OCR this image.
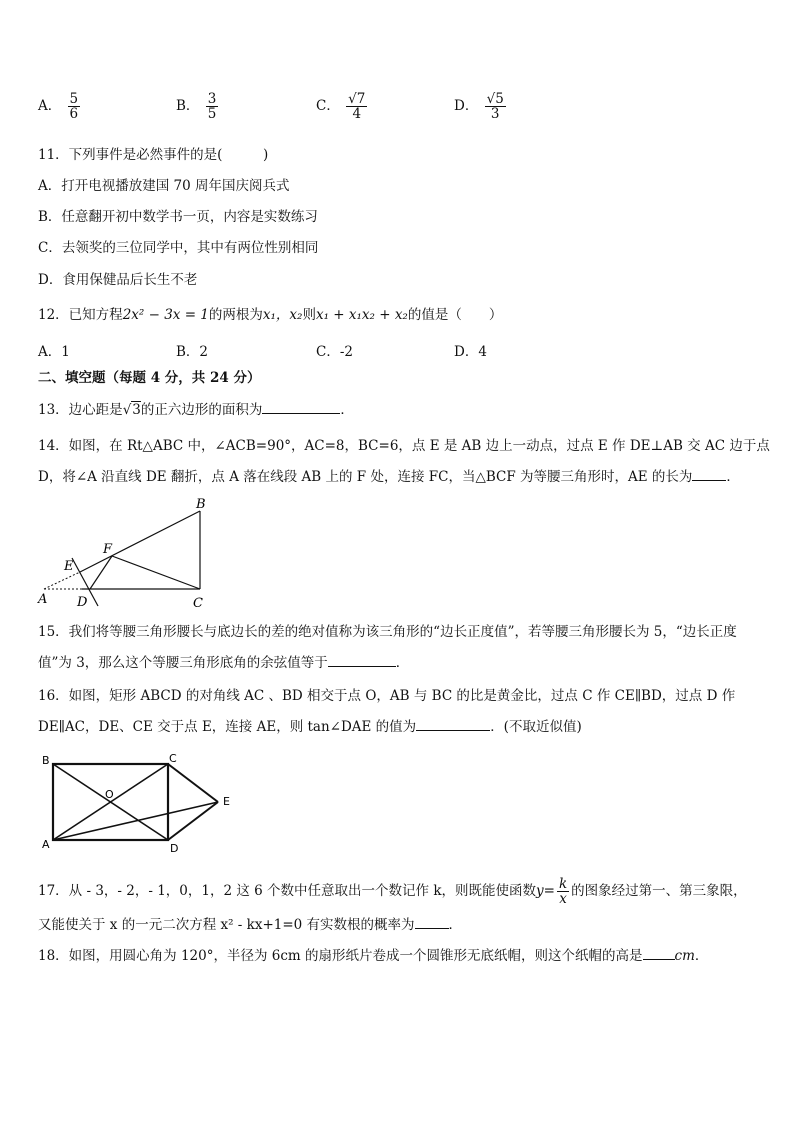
A． $\frac{5}{6}$	B． $\frac{3}{5}$	C． $\frac{√7}{4}$	D． $\frac{√5}{3}$
11．下列事件是必然事件的是(　　　)
A．打开电视播放建国 70 周年国庆阅兵式
B．任意翻开初中数学书一页，内容是实数练习
C．去领奖的三位同学中，其中有两位性别相同
D．食用保健品后长生不老
12．已知方程2x² − 3x = 1的两根为x₁，x₂则x₁ + x₁x₂ + x₂的值是（　　）
A．1	B．2	C．-2	D．4
二、填空题（每题 4 分，共 24 分）
13．边心距是√3的正六边形的面积为	．
14．如图，在 Rt△ABC 中，∠ACB=90°，AC=8，BC=6，点 E 是 AB 边上一动点，过点 E 作 DE⊥AB 交 AC 边于点
D，将∠A 沿直线 DE 翻折，点 A 落在线段 AB 上的 F 处，连接 FC，当△BCF 为等腰三角形时，AE 的长为	．
A
B
C
D
E
F
15．我们将等腰三角形腰长与底边长的差的绝对值称为该三角形的“边长正度值”，若等腰三角形腰长为 5，“边长正度
值”为 3，那么这个等腰三角形底角的余弦值等于	．
16．如图，矩形 ABCD 的对角线 AC 、BD 相交于点 O，AB 与 BC 的比是黄金比，过点 C 作 CE∥BD，过点 D 作
DE∥AC，DE、CE 交于点 E，连接 AE，则 tan∠DAE 的值为	．(不取近似值)
B	C
A	D
E
O
17．从 - 3，- 2，- 1，0，1，2 这 6 个数中任意取出一个数记作 k，则既能使函数$y= \frac{k}{x}$ 的图象经过第一、第三象限，
又能使关于 x 的一元二次方程 x² - kx+1=0 有实数根的概率为	．
18．如图，用圆心角为 120°，半径为 6cm 的扇形纸片卷成一个圆锥形无底纸帽，则这个纸帽的高是 cm．
